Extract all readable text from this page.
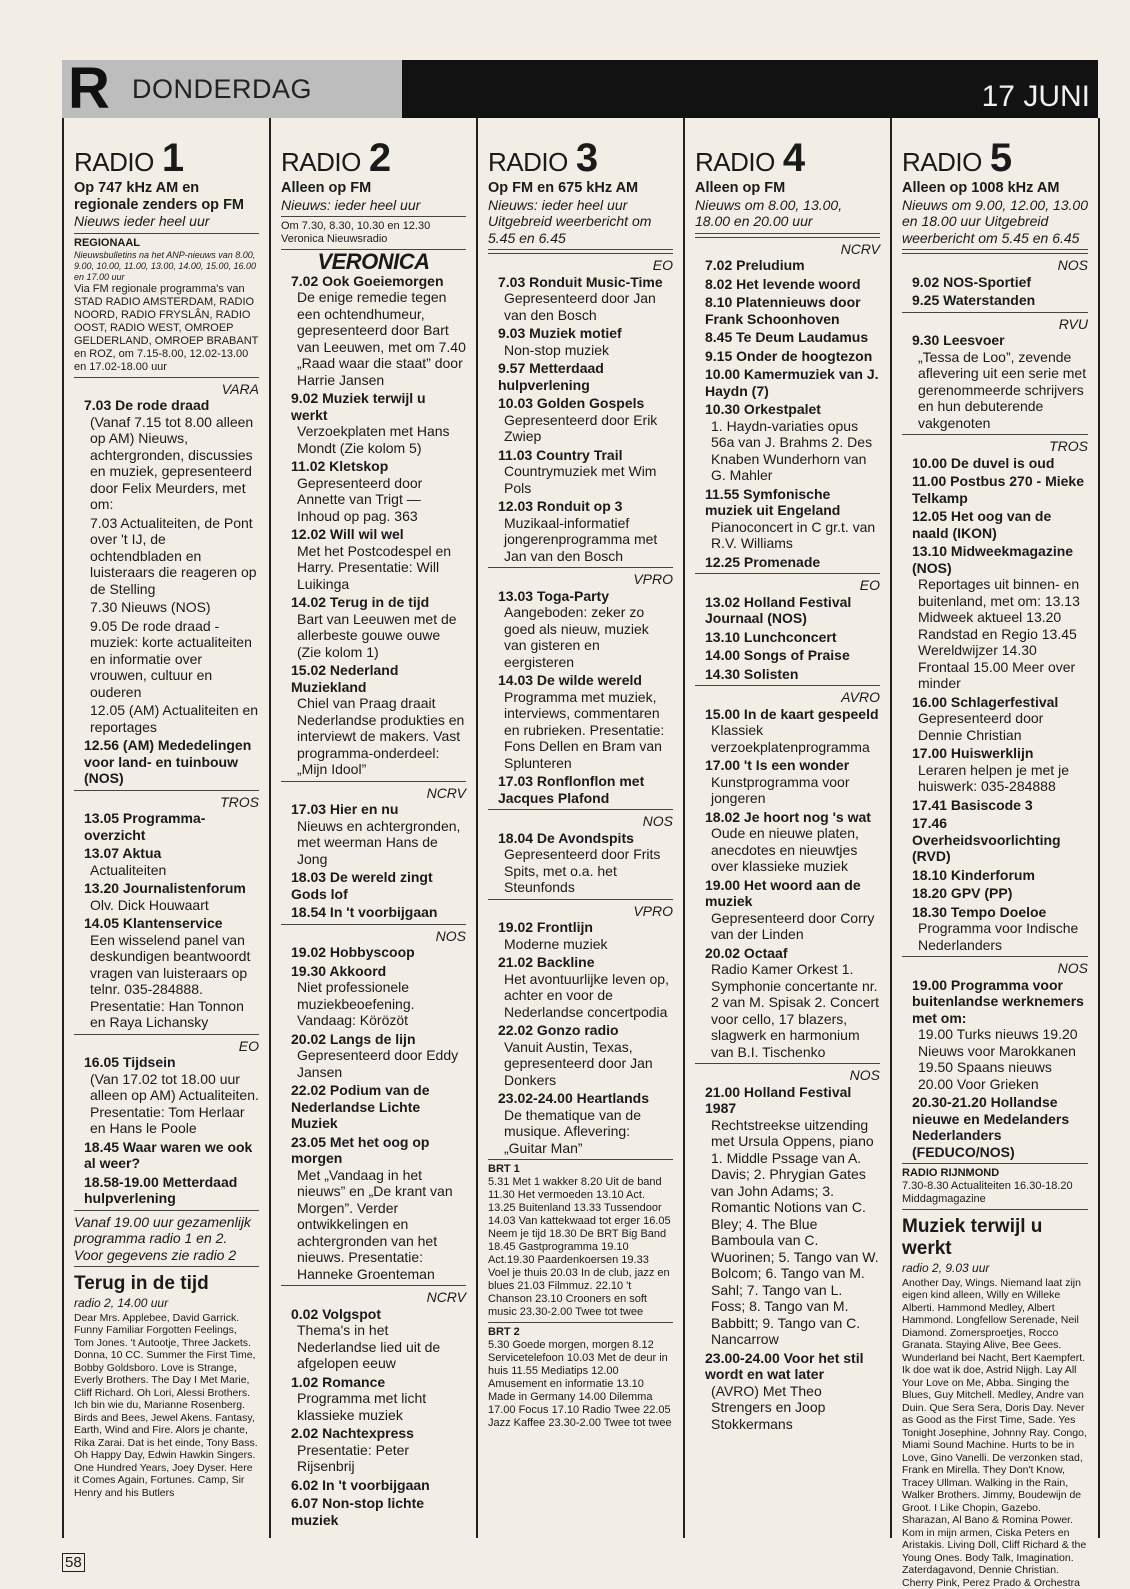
R DONDERDAG	17 JUNI
RADIO 1
Op 747 kHz AM en regionale zenders op FM
Nieuws ieder heel uur
REGIONAAL
Nieuwsbulletins na het ANP-nieuws van 8.00, 9.00, 10.00, 11.00, 13.00, 14.00, 15.00, 16.00 en 17.00 uur
Via FM regionale programma's van STAD RADIO AMSTERDAM, RADIO NOORD, RADIO FRYSLÂN, RADIO OOST, RADIO WEST, OMROEP GELDERLAND, OMROEP BRABANT en ROZ, om 7.15-8.00, 12.02-13.00 en 17.02-18.00 uur
VARA
7.03 De rode draad
(Vanaf 7.15 tot 8.00 alleen op AM) Nieuws, achtergronden, discussies en muziek, gepresenteerd door Felix Meurders, met om:
7.03 Actualiteiten, de Pont over 't IJ, de ochtendbladen en luisteraars die reageren op de Stelling
7.30 Nieuws (NOS)
9.05 De rode draad - muziek: korte actualiteiten en informatie over vrouwen, cultuur en ouderen
12.05 (AM) Actualiteiten en reportages
12.56 (AM) Mededelingen voor land- en tuinbouw (NOS)
TROS
13.05 Programma-overzicht
13.07 Aktua
Actualiteiten
13.20 Journalistenforum
Olv. Dick Houwaart
14.05 Klantenservice
Een wisselend panel van deskundigen beantwoordt vragen van luisteraars op telnr. 035-284888. Presentatie: Han Tonnon en Raya Lichansky
EO
16.05 Tijdsein
(Van 17.02 tot 18.00 uur alleen op AM) Actualiteiten. Presentatie: Tom Herlaar en Hans le Poole
18.45 Waar waren we ook al weer?
18.58-19.00 Metterdaad hulpverlening
Vanaf 19.00 uur gezamenlijk programma radio 1 en 2. Voor gegevens zie radio 2
Terug in de tijd
radio 2, 14.00 uur
Dear Mrs. Applebee, David Garrick. Funny Familiar Forgotten Feelings, Tom Jones. 't Autootje, Three Jackets. Donna, 10 CC. Summer the First Time, Bobby Goldsboro. Love is Strange, Everly Brothers. The Day I Met Marie, Cliff Richard. Oh Lori, Alessi Brothers. Ich bin wie du, Marianne Rosenberg. Birds and Bees, Jewel Akens. Fantasy, Earth, Wind and Fire. Alors je chante, Rika Zarai. Dat is het einde, Tony Bass. Oh Happy Day, Edwin Hawkin Singers. One Hundred Years, Joey Dyser. Here it Comes Again, Fortunes. Camp, Sir Henry and his Butlers
RADIO 2
Alleen op FM
Nieuws: ieder heel uur
Om 7.30, 8.30, 10.30 en 12.30 Veronica Nieuwsradio
VERONICA
7.02 Ook Goeiemorgen
De enige remedie tegen een ochtendhumeur, gepresenteerd door Bart van Leeuwen, met om 7.40 „Raad waar die staat” door Harrie Jansen
9.02 Muziek terwijl u werkt
Verzoekplaten met Hans Mondt (Zie kolom 5)
11.02 Kletskop
Gepresenteerd door Annette van Trigt — Inhoud op pag. 363
12.02 Will wil wel
Met het Postcodespel en Harry. Presentatie: Will Luikinga
14.02 Terug in de tijd
Bart van Leeuwen met de allerbeste gouwe ouwe (Zie kolom 1)
15.02 Nederland Muziekland
Chiel van Praag draait Nederlandse produkties en interviewt de makers. Vast programma-onderdeel: „Mijn Idool”
NCRV
17.03 Hier en nu
Nieuws en achtergronden, met weerman Hans de Jong
18.03 De wereld zingt Gods lof
18.54 In 't voorbijgaan
NOS
19.02 Hobbyscoop
19.30 Akkoord
Niet professionele muziekbeoefening. Vandaag: Körözöt
20.02 Langs de lijn
Gepresenteerd door Eddy Jansen
22.02 Podium van de Nederlandse Lichte Muziek
23.05 Met het oog op morgen
Met „Vandaag in het nieuws” en „De krant van Morgen”. Verder ontwikkelingen en achtergronden van het nieuws. Presentatie: Hanneke Groenteman
NCRV
0.02 Volgspot
Thema's in het Nederlandse lied uit de afgelopen eeuw
1.02 Romance
Programma met licht klassieke muziek
2.02 Nachtexpress
Presentatie: Peter Rijsenbrij
6.02 In 't voorbijgaan
6.07 Non-stop lichte muziek
RADIO 3
Op FM en 675 kHz AM
Nieuws: ieder heel uur Uitgebreid weerbericht om 5.45 en 6.45
EO
7.03 Ronduit Music-Time
Gepresenteerd door Jan van den Bosch
9.03 Muziek motief
Non-stop muziek
9.57 Metterdaad hulpverlening
10.03 Golden Gospels
Gepresenteerd door Erik Zwiep
11.03 Country Trail
Countrymuziek met Wim Pols
12.03 Ronduit op 3
Muzikaal-informatief jongerenprogramma met Jan van den Bosch
VPRO
13.03 Toga-Party
Aangeboden: zeker zo goed als nieuw, muziek van gisteren en eergisteren
14.03 De wilde wereld
Programma met muziek, interviews, commentaren en rubrieken. Presentatie: Fons Dellen en Bram van Splunteren
17.03 Ronflonflon met Jacques Plafond
NOS
18.04 De Avondspits
Gepresenteerd door Frits Spits, met o.a. het Steunfonds
VPRO
19.02 Frontlijn
Moderne muziek
21.02 Backline
Het avontuurlijke leven op, achter en voor de Nederlandse concertpodia
22.02 Gonzo radio
Vanuit Austin, Texas, gepresenteerd door Jan Donkers
23.02-24.00 Heartlands
De thematique van de musique. Aflevering: „Guitar Man”
BRT 1
5.31 Met 1 wakker 8.20 Uit de band 11.30 Het vermoeden 13.10 Act. 13.25 Buitenland 13.33 Tussendoor 14.03 Van kattekwaad tot erger 16.05 Neem je tijd 18.30 De BRT Big Band 18.45 Gastprogramma 19.10 Act.19.30 Paardenkoersen 19.33 Voel je thuis 20.03 In de club, jazz en blues 21.03 Filmmuz. 22.10 't Chanson 23.10 Crooners en soft music 23.30-2.00 Twee tot twee
BRT 2
5.30 Goede morgen, morgen 8.12 Servicetelefoon 10.03 Met de deur in huis 11.55 Mediatips 12.00 Amusement en informatie 13.10 Made in Germany 14.00 Dilemma 17.00 Focus 17.10 Radio Twee 22.05 Jazz Kaffee 23.30-2.00 Twee tot twee
RADIO 4
Alleen op FM
Nieuws om 8.00, 13.00, 18.00 en 20.00 uur
NCRV
7.02 Preludium
8.02 Het levende woord
8.10 Platennieuws door Frank Schoonhoven
8.45 Te Deum Laudamus
9.15 Onder de hoogtezon
10.00 Kamermuziek van J. Haydn (7)
10.30 Orkestpalet
1. Haydn-variaties opus 56a van J. Brahms 2. Des Knaben Wunderhorn van G. Mahler
11.55 Symfonische muziek uit Engeland
Pianoconcert in C gr.t. van R.V. Williams
12.25 Promenade
EO
13.02 Holland Festival Journaal (NOS)
13.10 Lunchconcert
14.00 Songs of Praise
14.30 Solisten
AVRO
15.00 In de kaart gespeeld
Klassiek verzoekplatenprogramma
17.00 't Is een wonder
Kunstprogramma voor jongeren
18.02 Je hoort nog 's wat
Oude en nieuwe platen, anecdotes en nieuwtjes over klassieke muziek
19.00 Het woord aan de muziek
Gepresenteerd door Corry van der Linden
20.02 Octaaf
Radio Kamer Orkest 1. Symphonie concertante nr. 2 van M. Spisak 2. Concert voor cello, 17 blazers, slagwerk en harmonium van B.I. Tischenko
NOS
21.00 Holland Festival 1987
Rechtstreekse uitzending met Ursula Oppens, piano 1. Middle Pssage van A. Davis; 2. Phrygian Gates van John Adams; 3. Romantic Notions van C. Bley; 4. The Blue Bamboula van C. Wuorinen; 5. Tango van W. Bolcom; 6. Tango van M. Sahl; 7. Tango van L. Foss; 8. Tango van M. Babbitt; 9. Tango van C. Nancarrow
23.00-24.00 Voor het stil wordt en wat later
(AVRO) Met Theo Strengers en Joop Stokkermans
RADIO 5
Alleen op 1008 kHz AM
Nieuws om 9.00, 12.00, 13.00 en 18.00 uur Uitgebreid weerbericht om 5.45 en 6.45
NOS
9.02 NOS-Sportief
9.25 Waterstanden
RVU
9.30 Leesvoer
„Tessa de Loo”, zevende aflevering uit een serie met gerenommeerde schrijvers en hun debuterende vakgenoten
TROS
10.00 De duvel is oud
11.00 Postbus 270 - Mieke Telkamp
12.05 Het oog van de naald (IKON)
13.10 Midweekmagazine (NOS)
Reportages uit binnen- en buitenland, met om: 13.13 Midweek aktueel 13.20 Randstad en Regio 13.45 Wereldwijzer 14.30 Frontaal 15.00 Meer over minder
16.00 Schlagerfestival
Gepresenteerd door Dennie Christian
17.00 Huiswerklijn
Leraren helpen je met je huiswerk: 035-284888
17.41 Basiscode 3
17.46 Overheidsvoorlichting (RVD)
18.10 Kinderforum
18.20 GPV (PP)
18.30 Tempo Doeloe
Programma voor Indische Nederlanders
NOS
19.00 Programma voor buitenlandse werknemers met om:
19.00 Turks nieuws 19.20 Nieuws voor Marokkanen 19.50 Spaans nieuws 20.00 Voor Grieken
20.30-21.20 Hollandse nieuwe en Medelanders Nederlanders (FEDUCO/NOS)
RADIO RIJNMOND
7.30-8.30 Actualiteiten 16.30-18.20 Middagmagazine
Muziek terwijl u werkt
radio 2, 9.03 uur
Another Day, Wings. Niemand laat zijn eigen kind alleen, Willy en Willeke Alberti. Hammond Medley, Albert Hammond. Longfellow Serenade, Neil Diamond. Zomersproetjes, Rocco Granata. Staying Alive, Bee Gees. Wunderland bei Nacht, Bert Kaempfert. Ik doe wat ik doe, Astrid Nijgh. Lay All Your Love on Me, Abba. Singing the Blues, Guy Mitchell. Medley, Andre van Duin. Que Sera Sera, Doris Day. Never as Good as the First Time, Sade. Yes Tonight Josephine, Johnny Ray. Congo, Miami Sound Machine. Hurts to be in Love, Gino Vanelli. De verzonken stad, Frank en Mirella. They Don't Know, Tracey Ullman. Walking in the Rain, Walker Brothers. Jimmy, Boudewijn de Groot. I Like Chopin, Gazebo. Sharazan, Al Bano & Romina Power. Kom in mijn armen, Ciska Peters en Aristakis. Living Doll, Cliff Richard & the Young Ones. Body Talk, Imagination. Zaterdagavond, Dennie Christian. Cherry Pink, Perez Prado & Orchestra
58
